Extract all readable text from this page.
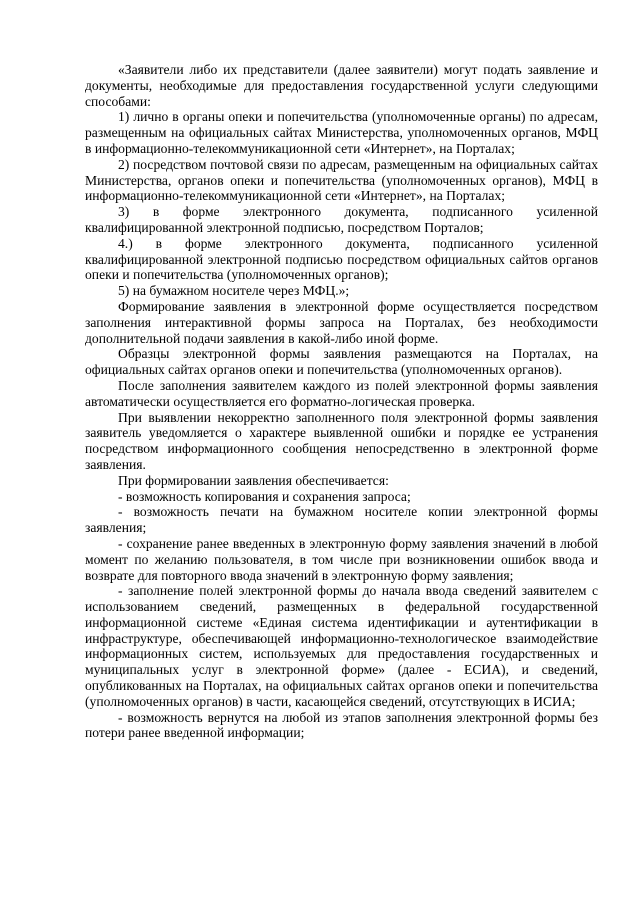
«Заявители либо их представители (далее заявители) могут подать заявление и документы, необходимые для предоставления государственной услуги следующими способами:

1) лично в органы опеки и попечительства (уполномоченные органы) по адресам, размещенным на официальных сайтах Министерства, уполномоченных органов, МФЦ в информационно-телекоммуникационной сети «Интернет», на Порталах;

2) посредством почтовой связи по адресам, размещенным на официальных сайтах Министерства, органов опеки и попечительства (уполномоченных органов), МФЦ в информационно-телекоммуникационной сети «Интернет», на Порталах;

3) в форме электронного документа, подписанного усиленной квалифицированной электронной подписью, посредством Порталов;

4.) в форме электронного документа, подписанного усиленной квалифицированной электронной подписью посредством официальных сайтов органов опеки и попечительства (уполномоченных органов);

5) на бумажном носителе через МФЦ.»;

Формирование заявления в электронной форме осуществляется посредством заполнения интерактивной формы запроса на Порталах, без необходимости дополнительной подачи заявления в какой-либо иной форме.

Образцы электронной формы заявления размещаются на Порталах, на официальных сайтах органов опеки и попечительства (уполномоченных органов).

После заполнения заявителем каждого из полей электронной формы заявления автоматически осуществляется его форматно-логическая проверка.

При выявлении некорректно заполненного поля электронной формы заявления заявитель уведомляется о характере выявленной ошибки и порядке ее устранения посредством информационного сообщения непосредственно в электронной форме заявления.

При формировании заявления обеспечивается:

- возможность копирования и сохранения запроса;

- возможность печати на бумажном носителе копии электронной формы заявления;

- сохранение ранее введенных в электронную форму заявления значений в любой момент по желанию пользователя, в том числе при возникновении ошибок ввода и возврате для повторного ввода значений в электронную форму заявления;

- заполнение полей электронной формы до начала ввода сведений заявителем с использованием сведений, размещенных в федеральной государственной информационной системе «Единая система идентификации и аутентификации в инфраструктуре, обеспечивающей информационно-технологическое взаимодействие информационных систем, используемых для предоставления государственных и муниципальных услуг в электронной форме» (далее - ЕСИА), и сведений, опубликованных на Порталах, на официальных сайтах органов опеки и попечительства (уполномоченных органов) в части, касающейся сведений, отсутствующих в ИСИА;

- возможность вернутся на любой из этапов заполнения электронной формы без потери ранее введенной информации;
